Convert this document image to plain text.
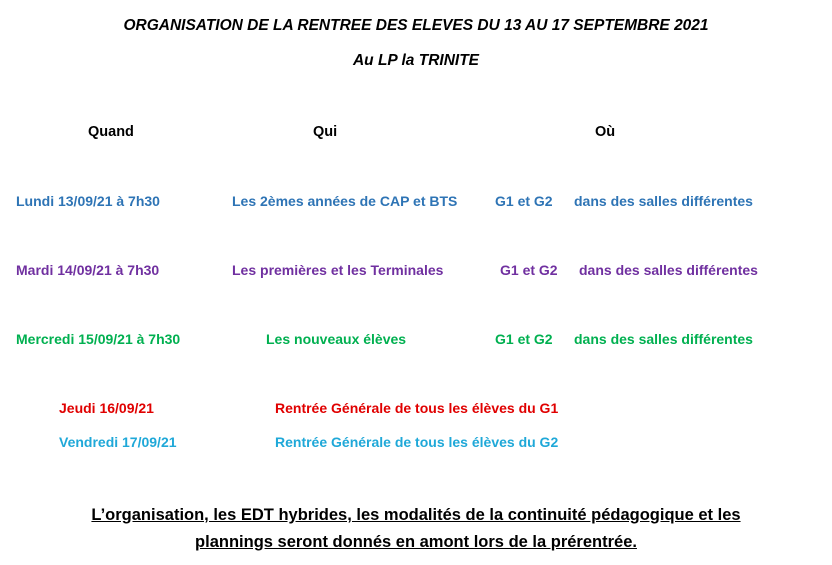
ORGANISATION DE LA RENTREE DES ELEVES DU 13 AU 17 SEPTEMBRE 2021
Au LP la TRINITE
Quand	Qui	Où
Lundi 13/09/21 à 7h30	Les 2èmes années de CAP et BTS	G1 et G2 dans des salles différentes
Mardi 14/09/21 à 7h30	Les premières et les Terminales	G1 et G2 dans des salles différentes
Mercredi 15/09/21 à 7h30	Les nouveaux élèves	G1 et G2 dans des salles différentes
Jeudi 16/09/21	Rentrée Générale de tous les élèves du G1
Vendredi 17/09/21	Rentrée Générale de tous les élèves du G2
L’organisation, les EDT hybrides, les modalités de la continuité pédagogique et les
plannings seront donnés en amont lors de la prérentrée.
